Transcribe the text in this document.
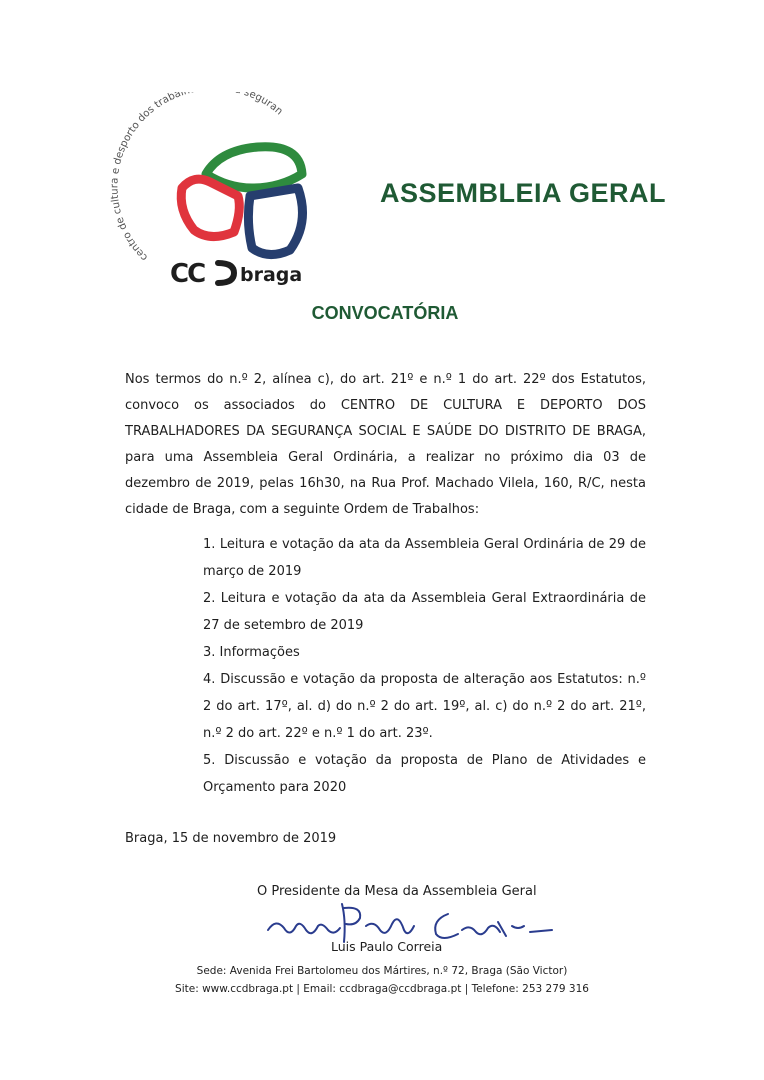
centro de cultura e desporto dos trabal seguran
CC braga
ASSEMBLEIA GERAL
CONVOCATÓRIA

Nos termos do n.º 2, alínea c), do art. 21º e n.º 1 do art. 22º dos Estatutos, convoco os associados do CENTRO DE CULTURA E DEPORTO DOS TRABALHADORES DA SEGURANÇA SOCIAL E SAÚDE DO DISTRITO DE BRAGA, para uma Assembleia Geral Ordinária, a realizar no próximo dia 03 de dezembro de 2019, pelas 16h30, na Rua Prof. Machado Vilela, 160, R/C, nesta cidade de Braga, com a seguinte Ordem de Trabalhos:

1. Leitura e votação da ata da Assembleia Geral Ordinária de 29 de março de 2019
2. Leitura e votação da ata da Assembleia Geral Extraordinária de 27 de setembro de 2019
3. Informações
4. Discussão e votação da proposta de alteração aos Estatutos: n.º 2 do art. 17º, al. d) do n.º 2 do art. 19º, al. c) do n.º 2 do art. 21º, n.º 2 do art. 22º e n.º 1 do art. 23º.
5. Discussão e votação da proposta de Plano de Atividades e Orçamento para 2020

Braga, 15 de novembro de 2019

O Presidente da Mesa da Assembleia Geral

Luis Paulo Correia

Sede: Avenida Frei Bartolomeu dos Mártires, n.º 72, Braga (São Victor)

Site: www.ccdbraga.pt | Email: ccdbraga@ccdbraga.pt | Telefone: 253 279 316
